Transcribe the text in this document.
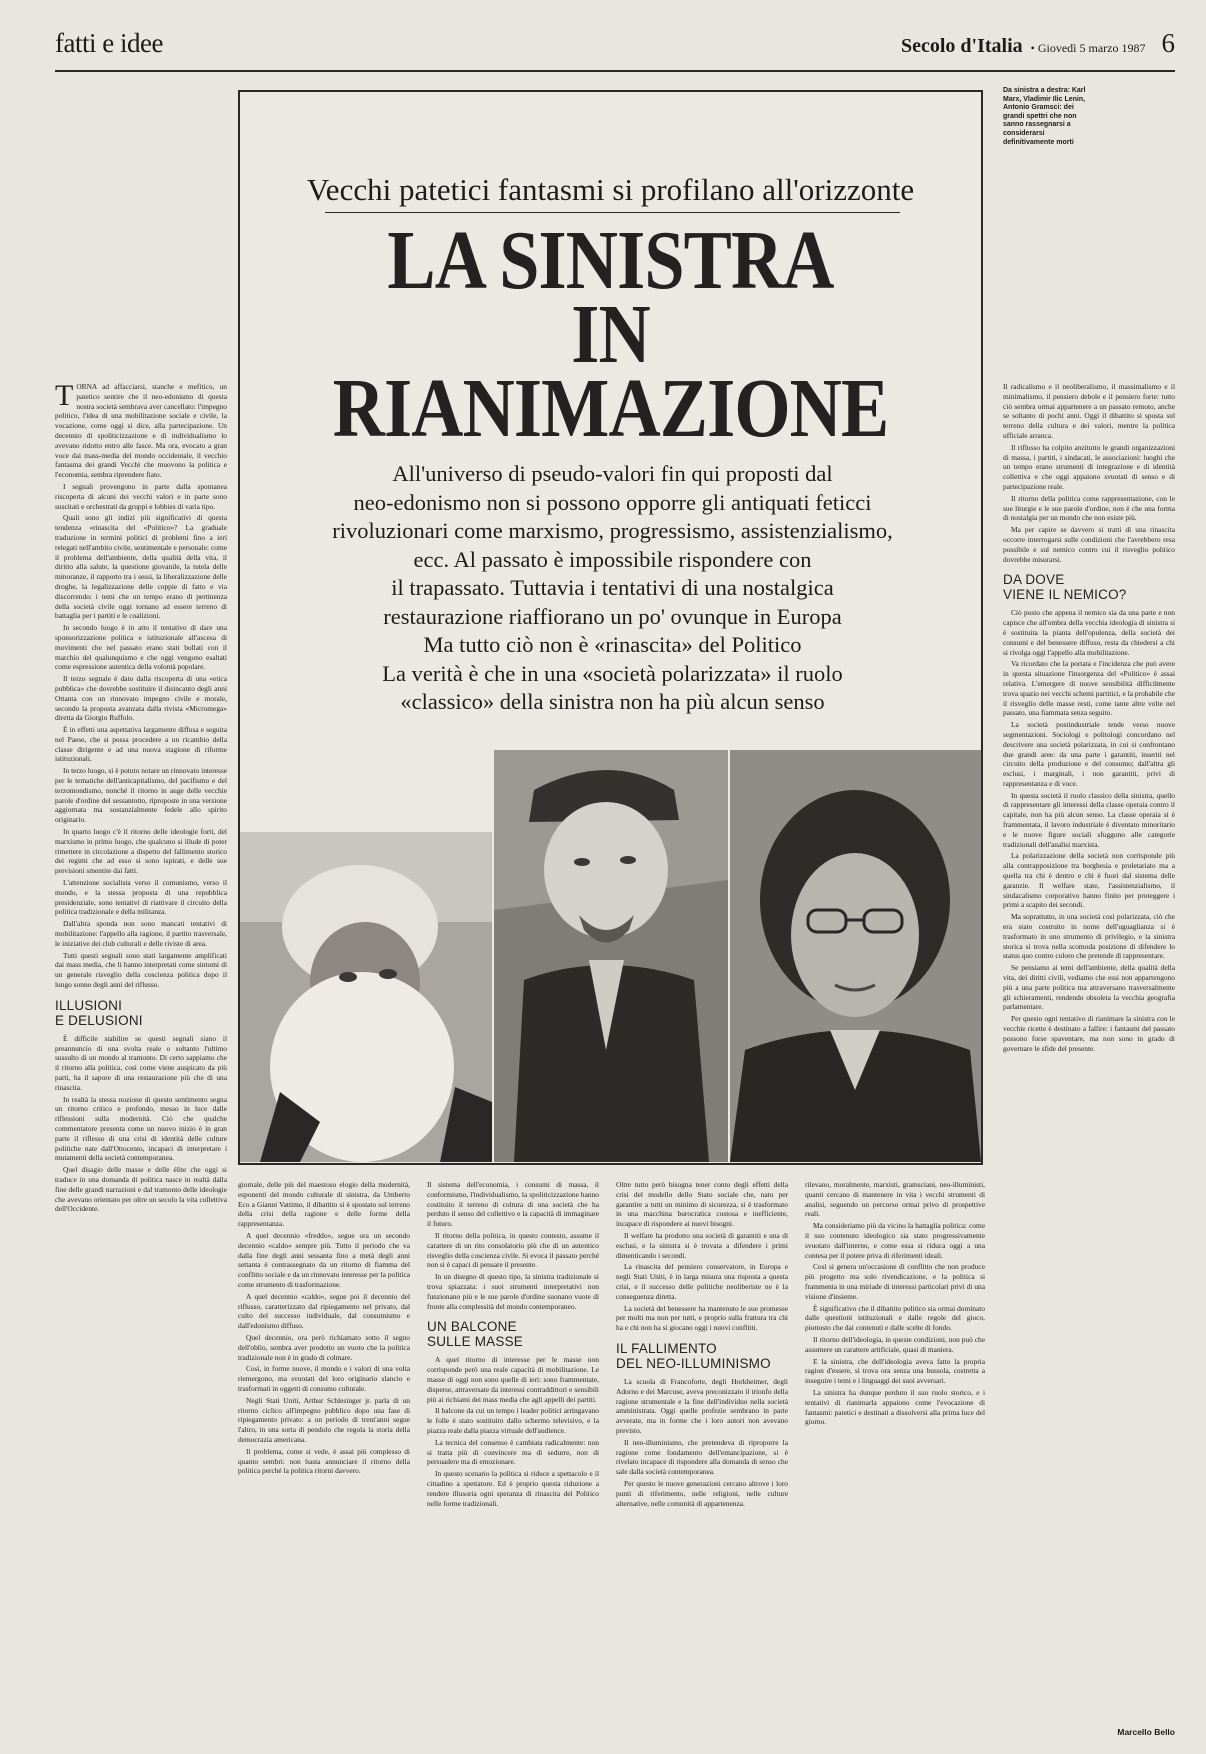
fatti e idee	Secolo d'Italia • Giovedì 5 marzo 1987 6
Vecchi patetici fantasmi si profilano all'orizzonte
LA SINISTRA
IN
RIANIMAZIONE
All'universo di pseudo-valori fin qui proposti dal
neo-edonismo non si possono opporre gli antiquati feticci
rivoluzionari come marxismo, progressismo, assistenzialismo,
ecc. Al passato è impossibile rispondere con
il trapassato. Tuttavia i tentativi di una nostalgica
restaurazione riaffiorano un po' ovunque in Europa
Ma tutto ciò non è «rinascita» del Politico
La verità è che in una «società polarizzata» il ruolo
«classico» della sinistra non ha più alcun senso
Da sinistra a destra: Karl Marx, Vladimir Ilic Lenin, Antonio Gramsci: dei grandi spettri che non sanno rassegnarsi a considerarsi definitivamente morti

TORNA ad affacciarsi, stanche e mefitico, un patetico sentire che il neo-edonismo di questa nostra società sembrava aver cancellato: l'impegno politico, l'idea di una mobilitazione sociale e civile, la vocazione, come oggi si dice, alla partecipazione. Un decennio di spoliticizzazione e di individualismo lo avevano ridotto entro alle fasce. Ma ora, evocato a gran voce dai mass-media del mondo occidentale, il vecchio fantasma dei grandi Vecchi che muovono la politica e l'economia, sembra riprendere fiato.

I segnali provengono in parte dalla spontanea riscoperta di alcuni dei vecchi valori e in parte sono suscitati e orchestrati da gruppi e lobbies di varia tipo.

Quali sono gli indizi più significativi di questa tendenza «rinascita del «Politico»? La graduale traduzione in termini politici di problemi fino a ieri relegati nell'ambito civile, sentimentale e personale: come il problema dell'ambiente, della qualità della vita, il diritto alla salute, la questione giovanile, la tutela delle minoranze, il rapporto tra i sessi, la liberalizzazione delle droghe, la legalizzazione delle coppie di fatto e via discorrendo: i temi che un tempo erano di pertinenza della società civile oggi tornano ad essere terreno di battaglia per i partiti e le coalizioni.

In secondo luogo è in atto il tentativo di dare una sponsorizzazione politica e istituzionale all'ascesa di movimenti che nel passato erano stati bollati con il marchio del qualunquismo e che oggi vengono esaltati come espressione autentica della volontà popolare.

Il terzo segnale è dato dalla riscoperta di una «etica pubblica» che dovrebbe sostituire il disincanto degli anni Ottanta con un rinnovato impegno civile e morale, secondo la proposta avanzata dalla rivista «Micromega» diretta da Giorgio Ruffolo.

È in effetti una aspettativa largamente diffusa e seguita nel Paese, che si possa procedere a un ricambio della classe dirigente e ad una nuova stagione di riforme istituzionali.

In terzo luogo, si è potuto notare un rinnovato interesse per le tematiche dell'anticapitalismo, del pacifismo e del terzomondismo, nonché il ritorno in auge delle vecchie parole d'ordine del sessantotto, riproposte in una versione aggiornata ma sostanzialmente fedele allo spirito originario.

In quarto luogo c'è il ritorno delle ideologie forti, del marxismo in primo luogo, che qualcuno si illude di poter rimettere in circolazione a dispetto del fallimento storico dei regimi che ad esso si sono ispirati, e delle sue previsioni smentite dai fatti.

L'attenzione socialista verso il comunismo, verso il mondo, e la stessa proposta di una repubblica presidenziale, sono tentativi di riattivare il circuito della politica tradizionale e della militanza.

Dall'altra sponda non sono mancati tentativi di mobilitazione: l'appello alla ragione, il partito trasversale, le iniziative dei club culturali e delle riviste di area.

Tutti questi segnali sono stati largamente amplificati dai mass media, che li hanno interpretati come sintomi di un generale risveglio della coscienza politica dopo il lungo sonno degli anni del riflusso.

ILLUSIONI
E DELUSIONI

È difficile stabilire se questi segnali siano il preannuncio di una svolta reale o soltanto l'ultimo sussulto di un mondo al tramonto. Di certo sappiamo che il ritorno alla politica, così come viene auspicato da più parti, ha il sapore di una restaurazione più che di una rinascita.

In realtà la stessa nozione di questo sentimento segna un ritorno critico e profondo, messo in luce dalle riflessioni sulla modernità. Ciò che qualche commentatore presenta come un nuovo inizio è in gran parte il riflesso di una crisi di identità delle culture politiche nate dall'Ottocento, incapaci di interpretare i mutamenti della società contemporanea.

Quel disagio delle masse e delle élite che oggi si traduce in una domanda di politica nasce in realtà dalla fine delle grandi narrazioni e dal tramonto delle ideologie che avevano orientato per oltre un secolo la vita collettiva dell'Occidente.

Il radicalismo e il neoliberalismo, il massimalismo e il minimalismo, il pensiero debole e il pensiero forte: tutto ciò sembra ormai appartenere a un passato remoto, anche se soltanto di pochi anni. Oggi il dibattito si sposta sul terreno della cultura e dei valori, mentre la politica ufficiale arranca.

Il riflusso ha colpito anzitutto le grandi organizzazioni di massa, i partiti, i sindacati, le associazioni: luoghi che un tempo erano strumenti di integrazione e di identità collettiva e che oggi appaiono svuotati di senso e di partecipazione reale.

Il ritorno della politica come rappresentazione, con le sue liturgie e le sue parole d'ordine, non è che una forma di nostalgia per un mondo che non esiste più.

Ma per capire se davvero si tratti di una rinascita occorre interrogarsi sulle condizioni che l'avrebbero resa possibile e sul nemico contro cui il risveglio politico dovrebbe misurarsi.

DA DOVE
VIENE IL NEMICO?

Ciò posto che appena il nemico sia da una parte e non capisce che all'ombra della vecchia ideologia di sinistra si è sostituita la pianta dell'opulenza, della società dei consumi e del benessere diffuso, resta da chiedersi a chi si rivolga oggi l'appello alla mobilitazione.

Va ricordato che la portata e l'incidenza che può avere in questa situazione l'insorgenza del «Politico» è assai relativa. L'emergere di nuove sensibilità difficilmente trova spazio nei vecchi schemi partitici, e la probabile che il risveglio delle masse resti, come tante altre volte nel passato, una fiammata senza seguito.

La società postindustriale tende verso nuove segmentazioni. Sociologi e politologi concordano nel descrivere una società polarizzata, in cui si confrontano due grandi aree: da una parte i garantiti, inseriti nel circuito della produzione e del consumo; dall'altra gli esclusi, i marginali, i non garantiti, privi di rappresentanza e di voce.

In questa società il ruolo classico della sinistra, quello di rappresentare gli interessi della classe operaia contro il capitale, non ha più alcun senso. La classe operaia si è frammentata, il lavoro industriale è diventato minoritario e le nuove figure sociali sfuggono alle categorie tradizionali dell'analisi marxista.

La polarizzazione della società non corrisponde più alla contrapposizione tra borghesia e proletariato ma a quella tra chi è dentro e chi è fuori dal sistema delle garanzie. Il welfare state, l'assistenzialismo, il sindacalismo corporativo hanno finito per proteggere i primi a scapito dei secondi.

Ma soprattutto, in una società così polarizzata, ciò che era stato costruito in nome dell'uguaglianza si è trasformato in uno strumento di privilegio, e la sinistra storica si trova nella scomoda posizione di difendere lo status quo contro coloro che pretende di rappresentare.

Se pensiamo ai temi dell'ambiente, della qualità della vita, dei diritti civili, vediamo che essi non appartengono più a una parte politica ma attraversano trasversalmente gli schieramenti, rendendo obsoleta la vecchia geografia parlamentare.

Per questo ogni tentativo di rianimare la sinistra con le vecchie ricette è destinato a fallire: i fantasmi del passato possono forse spaventare, ma non sono in grado di governare le sfide del presente.

giornale, delle più del maestoso elogio della modernità, esponenti del mondo culturale di sinistra, da Umberto Eco a Gianni Vattimo, il dibattito si è spostato sul terreno della crisi della ragione e delle forme della rappresentanza.

A quel decennio «freddo», segue ora un secondo decennio «caldo» sempre più. Tutto il periodo che va dalla fine degli anni sessanta fino a metà degli anni settanta è contrassegnato da un ritorno di fiamma del conflitto sociale e da un rinnovato interesse per la politica come strumento di trasformazione.

A quel decennio «caldo», segue poi il decennio del riflusso, caratterizzato dal ripiegamento nel privato, dal culto del successo individuale, dal consumismo e dall'edonismo diffuso.

Quel decennio, ora però richiamato sotto il segno dell'oblio, sembra aver prodotto un vuoto che la politica tradizionale non è in grado di colmare.

Così, in forme nuove, il mondo e i valori di una volta riemergono, ma svuotati del loro originario slancio e trasformati in oggetti di consumo culturale.

Negli Stati Uniti, Arthur Schlesinger jr. parla di un ritorno ciclico all'impegno pubblico dopo una fase di ripiegamento privato: a un periodo di trent'anni segue l'altro, in una sorta di pendolo che regola la storia della democrazia americana.

Il problema, come si vede, è assai più complesso di quanto sembri: non basta annunciare il ritorno della politica perché la politica ritorni davvero.

Il sistema dell'economia, i consumi di massa, il conformismo, l'individualismo, la spoliticizzazione hanno costituito il terreno di coltura di una società che ha perduto il senso del collettivo e la capacità di immaginare il futuro.

Il ritorno della politica, in questo contesto, assume il carattere di un rito consolatorio più che di un autentico risveglio della coscienza civile. Si evoca il passato perché non si è capaci di pensare il presente.

In un disegno di questo tipo, la sinistra tradizionale si trova spiazzata: i suoi strumenti interpretativi non funzionano più e le sue parole d'ordine suonano vuote di fronte alla complessità del mondo contemporaneo.

UN BALCONE
SULLE MASSE

A quel ritorno di interesse per le masse non corrisponde però una reale capacità di mobilitazione. Le masse di oggi non sono quelle di ieri: sono frammentate, disperse, attraversate da interessi contraddittori e sensibili più ai richiami dei mass media che agli appelli dei partiti.

Il balcone da cui un tempo i leader politici arringavano le folle è stato sostituito dallo schermo televisivo, e la piazza reale dalla piazza virtuale dell'audience.

La tecnica del consenso è cambiata radicalmente: non si tratta più di convincere ma di sedurre, non di persuadere ma di emozionare.

In questo scenario la politica si riduce a spettacolo e il cittadino a spettatore. Ed è proprio questa riduzione a rendere illusoria ogni speranza di rinascita del Politico nelle forme tradizionali.

Oltre tutto però bisogna tener conto degli effetti della crisi del modello dello Stato sociale che, nato per garantire a tutti un minimo di sicurezza, si è trasformato in una macchina burocratica costosa e inefficiente, incapace di rispondere ai nuovi bisogni.

Il welfare ha prodotto una società di garantiti e una di esclusi, e la sinistra si è trovata a difendere i primi dimenticando i secondi.

La rinascita del pensiero conservatore, in Europa e negli Stati Uniti, è in larga misura una risposta a questa crisi, e il successo delle politiche neoliberiste ne è la conseguenza diretta.

La società del benessere ha mantenuto le sue promesse per molti ma non per tutti, e proprio sulla frattura tra chi ha e chi non ha si giocano oggi i nuovi conflitti.

IL FALLIMENTO
DEL NEO-ILLUMINISMO

La scuola di Francoforte, degli Horkheimer, degli Adorno e dei Marcuse, aveva preconizzato il trionfo della ragione strumentale e la fine dell'individuo nella società amministrata. Oggi quelle profezie sembrano in parte avverate, ma in forme che i loro autori non avevano previsto.

Il neo-illuminismo, che pretendeva di riproporre la ragione come fondamento dell'emancipazione, si è rivelato incapace di rispondere alla domanda di senso che sale dalla società contemporanea.

Per questo le nuove generazioni cercano altrove i loro punti di riferimento, nelle religioni, nelle culture alternative, nelle comunità di appartenenza.

rilevano, moralmente, marxisti, gramsciani, neo-illuministi, quanti cercano di mantenere in vita i vecchi strumenti di analisi, seguendo un percorso ormai privo di prospettive reali.

Ma consideriamo più da vicino la battaglia politica: come il suo contenuto ideologico sia stato progressivamente svuotato dall'interno, e come essa si riduca oggi a una contesa per il potere priva di riferimenti ideali.

Così si genera un'occasione di conflitto che non produce più progetto ma solo rivendicazione, e la politica si frammenta in una miriade di interessi particolari privi di una visione d'insieme.

È significativo che il dibattito politico sia ormai dominato dalle questioni istituzionali e dalle regole del gioco, piuttosto che dai contenuti e dalle scelte di fondo.

Il ritorno dell'ideologia, in queste condizioni, non può che assumere un carattere artificiale, quasi di maniera.

E la sinistra, che dell'ideologia aveva fatto la propria ragion d'essere, si trova ora senza una bussola, costretta a inseguire i temi e i linguaggi dei suoi avversari.

La sinistra ha dunque perduto il suo ruolo storico, e i tentativi di rianimarla appaiono come l'evocazione di fantasmi: patetici e destinati a dissolversi alla prima luce del giorno.

Marcello Bello
